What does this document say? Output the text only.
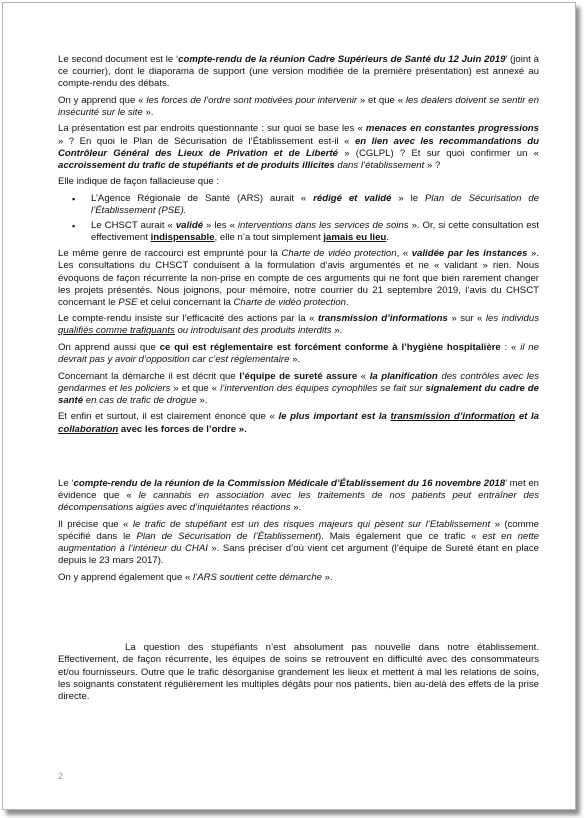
Le second document est le ‘compte-rendu de la réunion Cadre Supérieurs de Santé du 12 Juin 2019’ (joint à ce courrier), dont le diaporama de support (une version modifiée de la première présentation) est annexé au compte-rendu des débats.

On y apprend que « les forces de l’ordre sont motivées pour intervenir » et que « les dealers doivent se sentir en insécurité sur le site ».

La présentation est par endroits questionnante : sur quoi se base les « menaces en constantes progressions » ? En quoi le Plan de Sécurisation de l’Établissement est-il « en lien avec les recommandations du Contrôleur Général des Lieux de Privation et de Liberté » (CGLPL) ? Et sur quoi confirmer un « accroissement du trafic de stupéfiants et de produits illicites dans l’établissement » ?

Elle indique de façon fallacieuse que :

▪ L’Agence Régionale de Santé (ARS) aurait « rédigé et validé » le Plan de Sécurisation de l’Établissement (PSE).
▪ Le CHSCT aurait « validé » les « interventions dans les services de soins ». Or, si cette consultation est effectivement indispensable, elle n’a tout simplement jamais eu lieu.

Le même genre de raccourci est emprunté pour la Charte de vidéo protection, « validée par les instances ». Les consultations du CHSCT conduisent à la formulation d’avis argumentés et ne « validant » rien. Nous évoquons de façon récurrente la non-prise en compte de ces arguments qui ne font que bien rarement changer les projets présentés. Nous joignons, pour mémoire, notre courrier du 21 septembre 2019, l’avis du CHSCT concernant le PSE et celui concernant la Charte de vidéo protection.

Le compte-rendu insiste sur l’efficacité des actions par la « transmission d’informations » sur « les individus qualifiés comme trafiquants ou introduisant des produits interdits ».

On apprend aussi que ce qui est réglementaire est forcément conforme à l’hygiène hospitalière : « il ne devrait pas y avoir d’opposition car c’est réglementaire ».

Concernant la démarche il est décrit que l’équipe de sureté assure « la planification des contrôles avec les gendarmes et les policiers » et que « l’intervention des équipes cynophiles se fait sur signalement du cadre de santé en cas de trafic de drogue ».

Et enfin et surtout, il est clairement énoncé que « le plus important est la transmission d’information et la collaboration avec les forces de l’ordre ».

Le ‘compte-rendu de la réunion de la Commission Médicale d’Établissement du 16 novembre 2018’ met en évidence que « le cannabis en association avec les traitements de nos patients peut entraîner des décompensations aigües avec d’inquiétantes réactions ».

Il précise que « le trafic de stupéfiant est un des risques majeurs qui pèsent sur l’Etablissement » (comme spécifié dans le Plan de Sécurisation de l’Établissement). Mais également que ce trafic « est en nette augmentation à l’intérieur du CHAI ». Sans préciser d’où vient cet argument (l’équipe de Sureté étant en place depuis le 23 mars 2017).

On y apprend également que « l’ARS soutient cette démarche ».

La question des stupéfiants n’est absolument pas nouvelle dans notre établissement. Effectivement, de façon récurrente, les équipes de soins se retrouvent en difficulté avec des consommateurs et/ou fournisseurs. Outre que le trafic désorganise grandement les lieux et mettent à mal les relations de soins, les soignants constatent régulièrement les multiples dégâts pour nos patients, bien au-delà des effets de la prise directe.

2
